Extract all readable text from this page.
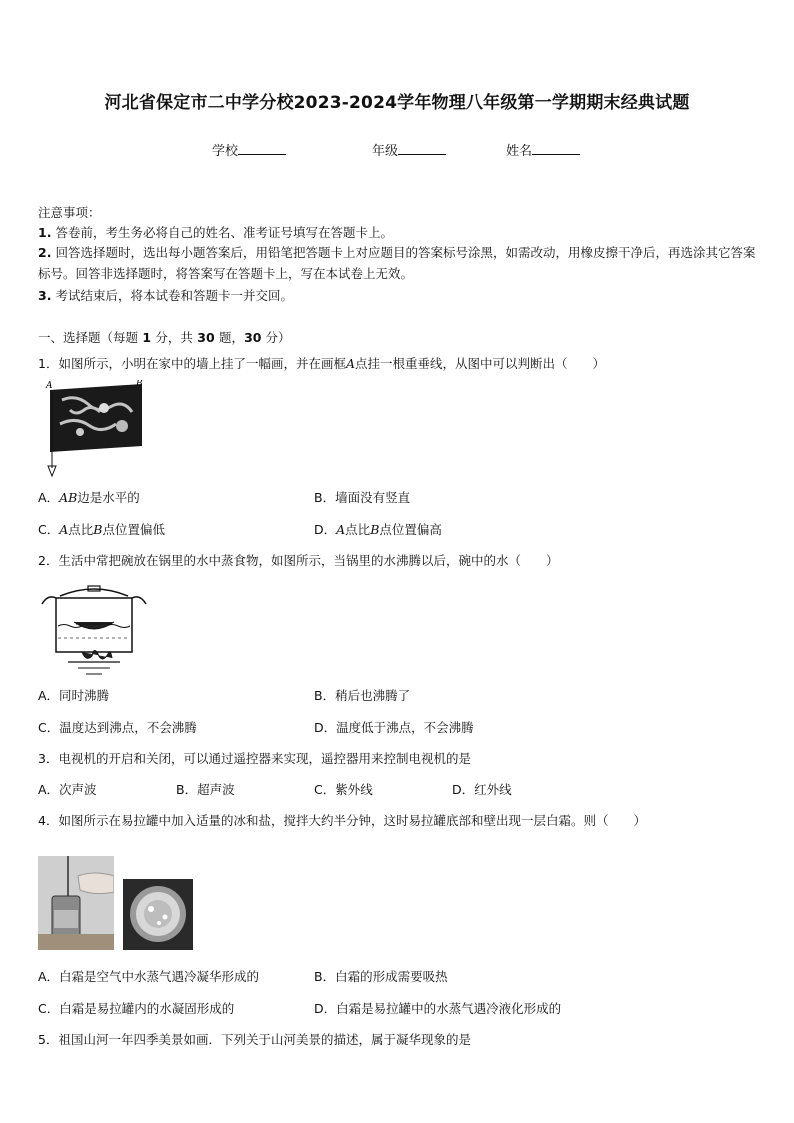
河北省保定市二中学分校2023-2024学年物理八年级第一学期期末经典试题
学校	年级	姓名
注意事项：
1. 答卷前，考生务必将自己的姓名、准考证号填写在答题卡上。
2. 回答选择题时，选出每小题答案后，用铅笔把答题卡上对应题目的答案标号涂黑，如需改动，用橡皮擦干净后，再选涂其它答案标号。回答非选择题时，将答案写在答题卡上，写在本试卷上无效。
3. 考试结束后，将本试卷和答题卡一并交回。
一、选择题（每题 1 分，共 30 题，30 分）
1．如图所示，小明在家中的墙上挂了一幅画，并在画框A点挂一根重垂线，从图中可以判断出（　　）
A	B
A．AB边是水平的	B．墙面没有竖直
C．A点比B点位置偏低	D．A点比B点位置偏高
2．生活中常把碗放在锅里的水中蒸食物，如图所示，当锅里的水沸腾以后，碗中的水（　　）
A．同时沸腾	B．稍后也沸腾了
C．温度达到沸点，不会沸腾	D．温度低于沸点，不会沸腾
3．电视机的开启和关闭，可以通过遥控器来实现，遥控器用来控制电视机的是
A．次声波	B．超声波	C．紫外线	D．红外线
4．如图所示在易拉罐中加入适量的冰和盐，搅拌大约半分钟，这时易拉罐底部和壁出现一层白霜。则（　　）
A．白霜是空气中水蒸气遇冷凝华形成的	B．白霜的形成需要吸热
C．白霜是易拉罐内的水凝固形成的	D．白霜是易拉罐中的水蒸气遇冷液化形成的
5．祖国山河一年四季美景如画．下列关于山河美景的描述，属于凝华现象的是
